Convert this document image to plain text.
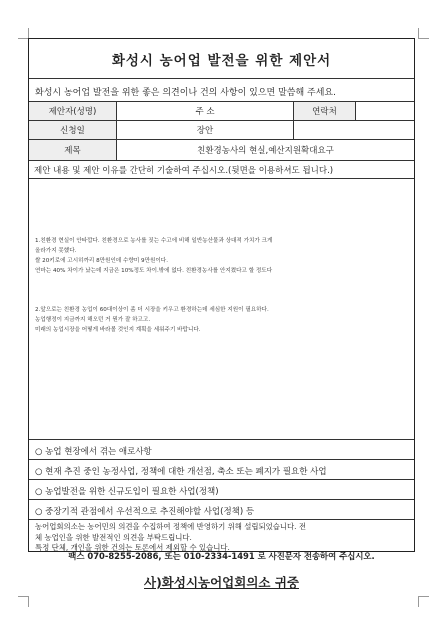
화성시 농어업 발전을 위한 제안서
화성시 농어업 발전을 위한 좋은 의견이나 건의 사항이 있으면 말씀해 주세요.
제안자(성명)	주 소	연락처
신청일	장안
제목	친환경농사의 현실,예산지원확대요구
제안 내용 및 제안 이유를 간단히 기술하여 주십시오.(뒷면을 이용하셔도 됩니다.)
1.친환경 현실이 안타깝다. 친환경으로 농사를 짓는 수고에 비해 일반농산물과 상대적 가치가 크게
올라가지 못했다.
쌀 20키로에 고시히까리 8만원인데 수향미 9만원이다.
연마는 40% 차이가 났는데 지금은 10%정도 차이.밖에 없다. 친환경농사를 안지켰다고 할 정도다
2.앞으로는 친환경 농업이 60대이상이 좀 더 시장을 키우고 환경하는데 세심한 지원이 필요하다.
농업행정이 지금까지 해오던 거 뭔가 잘 하고고.
미래의 농업시장을 어떻게 바라볼 것인지 계획을 세워주기 바랍니다.
○ 농업 현장에서 겪는 애로사항
○ 현재 추진 중인 농정사업, 정책에 대한 개선점, 축소 또는 폐지가 필요한 사업
○ 농업발전을 위한 신규도입이 필요한 사업(정책)
○ 중장기적 관점에서 우선적으로 추진해야할 사업(정책) 등
농어업회의소는 농어민의 의견을 수집하여 정책에 반영하기 위해 설립되었습니다. 전
체 농업인을 위한 발전적인 의견을 부탁드립니다.
특정 단체, 개인을 위한 건의는 토론에서 제외할 수 있습니다.
팩스 070-8255-2086, 또는 010-2334-1491 로 사진문자 전송하여 주십시오.
사)화성시농어업회의소 귀중
